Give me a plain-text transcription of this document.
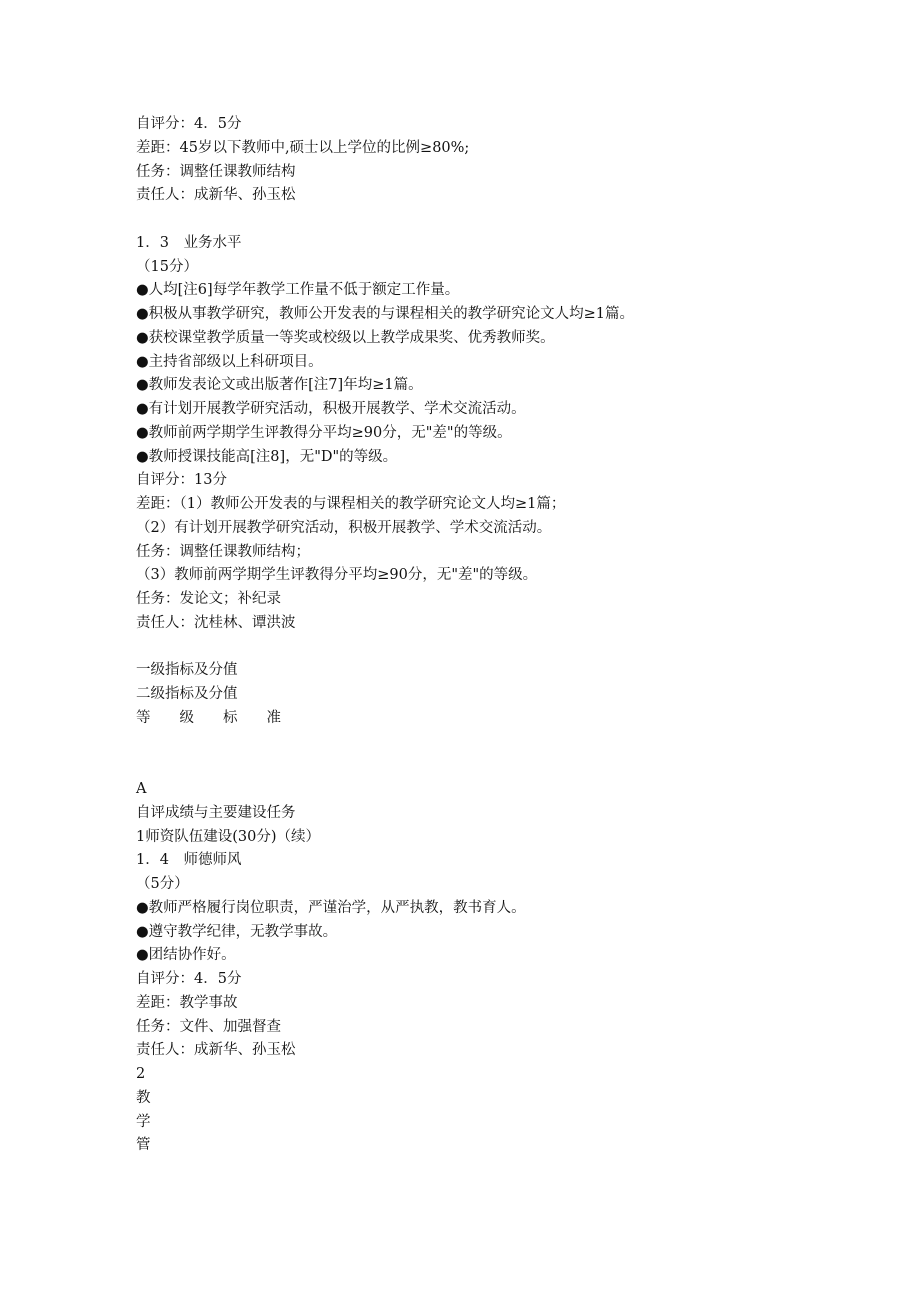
自评分：4．5分
差距：45岁以下教师中,硕士以上学位的比例≥80%;
任务：调整任课教师结构
责任人：成新华、孙玉松
1．3　业务水平
（15分）
●人均[注6]每学年教学工作量不低于额定工作量。
●积极从事教学研究，教师公开发表的与课程相关的教学研究论文人均≥1篇。
●获校课堂教学质量一等奖或校级以上教学成果奖、优秀教师奖。
●主持省部级以上科研项目。
●教师发表论文或出版著作[注7]年均≥1篇。
●有计划开展教学研究活动，积极开展教学、学术交流活动。
●教师前两学期学生评教得分平均≥90分，无"差"的等级。
●教师授课技能高[注8]，无"D"的等级。
自评分：13分
差距：（1）教师公开发表的与课程相关的教学研究论文人均≥1篇；
（2）有计划开展教学研究活动，积极开展教学、学术交流活动。
任务：调整任课教师结构；
（3）教师前两学期学生评教得分平均≥90分，无"差"的等级。
任务：发论文；补纪录
责任人：沈桂林、谭洪波
一级指标及分值
二级指标及分值
等　　级　　标　　准
A
自评成绩与主要建设任务
1师资队伍建设(30分)（续）
1．4　师德师风
（5分）
●教师严格履行岗位职责，严谨治学，从严执教，教书育人。
●遵守教学纪律，无教学事故。
●团结协作好。
自评分：4．5分
差距：教学事故
任务：文件、加强督查
责任人：成新华、孙玉松
2
教
学
管
